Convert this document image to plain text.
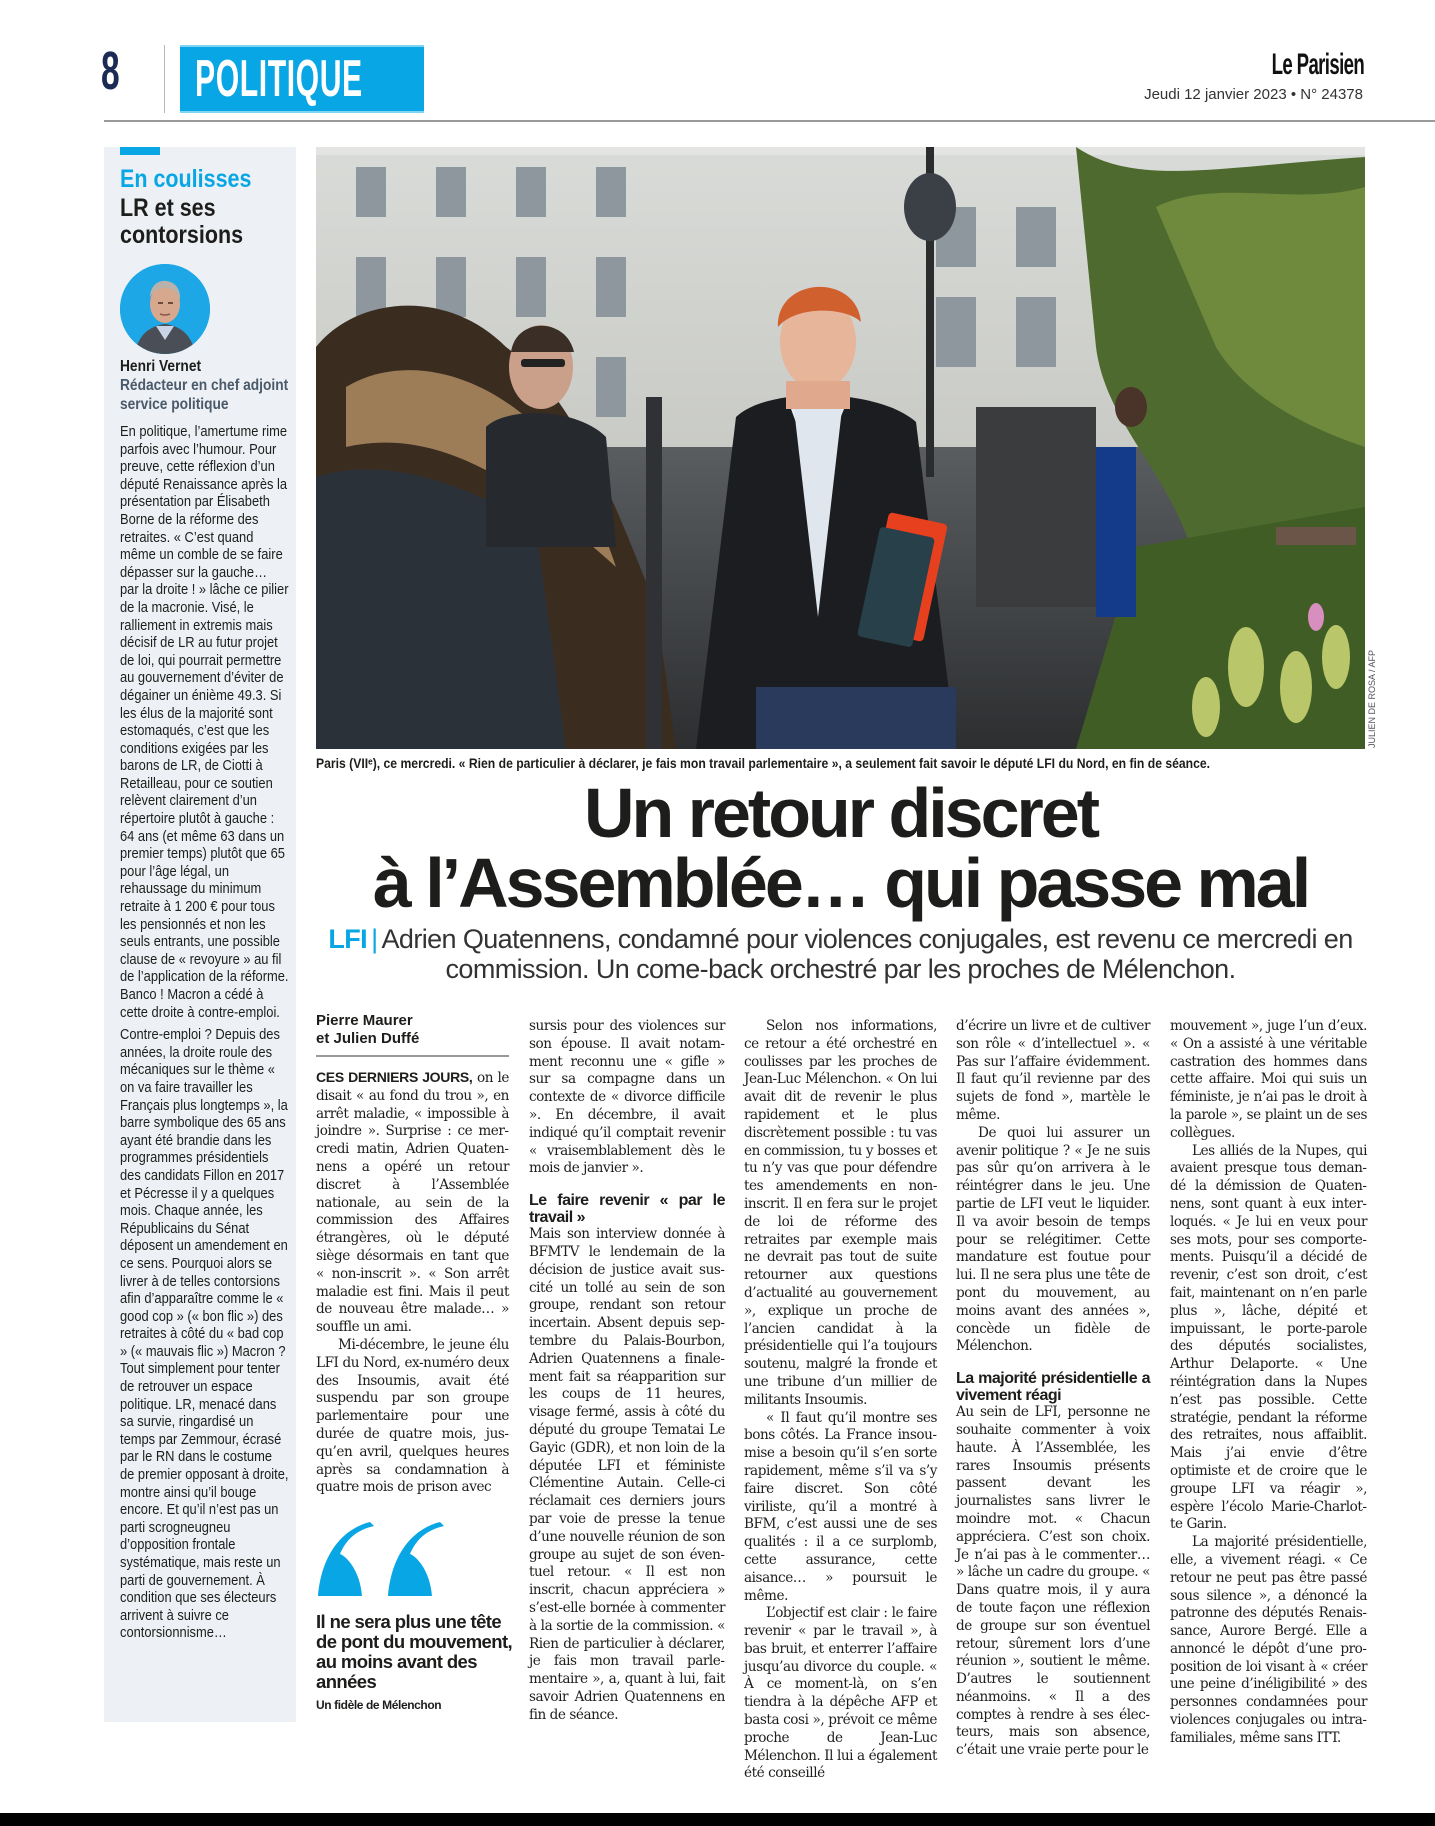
8 POLITIQUE	Le Parisien
Jeudi 12 janvier 2023 • N° 24378
En coulisses
LR et ses contorsions
Henri Vernet
Rédacteur en chef adjoint service politique

En politique, l’amertume rime parfois avec l’humour. Pour preuve, cette réflexion d’un député Renaissance après la présentation par Élisabeth Borne de la réforme des retraites. « C’est quand même un comble de se faire dépasser sur la gauche… par la droite ! » lâche ce pilier de la macronie. Visé, le ralliement in extremis mais décisif de LR au futur projet de loi, qui pourrait permettre au gouvernement d’éviter de dégainer un énième 49.3. Si les élus de la majorité sont estomaqués, c’est que les conditions exigées par les barons de LR, de Ciotti à Retailleau, pour ce soutien relèvent clairement d’un répertoire plutôt à gauche : 64 ans (et même 63 dans un premier temps) plutôt que 65 pour l’âge légal, un rehaussage du minimum retraite à 1 200 € pour tous les pensionnés et non les seuls entrants, une possible clause de « revoyure » au fil de l’application de la réforme. Banco ! Macron a cédé à cette droite à contre-emploi.

Contre-emploi ? Depuis des années, la droite roule des mécaniques sur le thème « on va faire travailler les Français plus longtemps », la barre symbolique des 65 ans ayant été brandie dans les programmes présidentiels des candidats Fillon en 2017 et Pécresse il y a quelques mois. Chaque année, les Républicains du Sénat déposent un amendement en ce sens. Pourquoi alors se livrer à de telles contorsions afin d’apparaître comme le « good cop » (« bon flic ») des retraites à côté du « bad cop » (« mauvais flic ») Macron ? Tout simplement pour tenter de retrouver un espace politique. LR, menacé dans sa survie, ringardisé un temps par Zemmour, écrasé par le RN dans le costume de premier opposant à droite, montre ainsi qu’il bouge encore. Et qu’il n’est pas un parti scrogneugneu d’opposition frontale systématique, mais reste un parti de gouvernement. À condition que ses électeurs arrivent à suivre ce contorsionnisme…

JULIEN DE ROSA / AFP
Paris (VIIᵉ), ce mercredi. « Rien de particulier à déclarer, je fais mon travail parlementaire », a seulement fait savoir le député LFI du Nord, en fin de séance.
Un retour discret
à l’Assemblée… qui passe mal
LFI | Adrien Quatennens, condamné pour violences conjugales, est revenu ce mercredi en commission. Un come-back orchestré par les proches de Mélenchon.
Pierre Maurer
et Julien Duffé

CES DERNIERS JOURS, on le disait « au fond du trou », en arrêt maladie, « impossible à joindre ». Surprise : ce mercredi matin, Adrien Quatennens a opéré un retour discret à l’Assemblée nationale, au sein de la commission des Affaires étrangères, où le député siège désormais en tant que « non-inscrit ». « Son arrêt maladie est fini. Mais il peut de nouveau être malade… » souffle un ami.

Mi-décembre, le jeune élu LFI du Nord, ex-numéro deux des Insoumis, avait été suspendu par son groupe parlementaire pour une durée de quatre mois, jusqu’en avril, quelques heures après sa condamnation à quatre mois de prison avec

Il ne sera plus une tête de pont du mouvement, au moins avant des années
Un fidèle de Mélenchon

sursis pour des violences sur son épouse. Il avait notamment reconnu une « gifle » sur sa compagne dans un contexte de « divorce difficile ». En décembre, il avait indiqué qu’il comptait revenir « vraisemblablement dès le mois de janvier ».

Le faire revenir « par le travail »

Mais son interview donnée à BFMTV le lendemain de la décision de justice avait suscité un tollé au sein de son groupe, rendant son retour incertain. Absent depuis septembre du Palais-Bourbon, Adrien Quatennens a finalement fait sa réapparition sur les coups de 11 heures, visage fermé, assis à côté du député du groupe Tematai Le Gayic (GDR), et non loin de la députée LFI et féministe Clémentine Autain. Celle-ci réclamait ces derniers jours par voie de presse la tenue d’une nouvelle réunion de son groupe au sujet de son éventuel retour. « Il est non inscrit, chacun appréciera » s’est-elle bornée à commenter à la sortie de la commission. « Rien de particulier à déclarer, je fais mon travail parlementaire », a, quant à lui, fait savoir Adrien Quatennens en fin de séance.

Selon nos informations, ce retour a été orchestré en coulisses par les proches de Jean-Luc Mélenchon. « On lui avait dit de revenir le plus rapidement et le plus discrètement possible : tu vas en commission, tu y bosses et tu n’y vas que pour défendre tes amendements en non-inscrit. Il en fera sur le projet de loi de réforme des retraites par exemple mais ne devrait pas tout de suite retourner aux questions d’actualité au gouvernement », explique un proche de l’ancien candidat à la présidentielle qui l’a toujours soutenu, malgré la fronde et une tribune d’un millier de militants Insoumis.

« Il faut qu’il montre ses bons côtés. La France insoumise a besoin qu’il s’en sorte rapidement, même s’il va s’y faire discret. Son côté viriliste, qu’il a montré à BFM, c’est aussi une de ses qualités : il a ce surplomb, cette assurance, cette aisance… » poursuit le même.

L’objectif est clair : le faire revenir « par le travail », à bas bruit, et enterrer l’affaire jusqu’au divorce du couple. « À ce moment-là, on s’en tiendra à la dépêche AFP et basta cosi », prévoit ce même proche de Jean-Luc Mélenchon. Il lui a également été conseillé

d’écrire un livre et de cultiver son rôle « d’intellectuel ». « Pas sur l’affaire évidemment. Il faut qu’il revienne par des sujets de fond », martèle le même.

De quoi lui assurer un avenir politique ? « Je ne suis pas sûr qu’on arrivera à le réintégrer dans le jeu. Une partie de LFI veut le liquider. Il va avoir besoin de temps pour se relégitimer. Cette mandature est foutue pour lui. Il ne sera plus une tête de pont du mouvement, au moins avant des années », concède un fidèle de Mélenchon.

La majorité présidentielle a vivement réagi

Au sein de LFI, personne ne souhaite commenter à voix haute. À l’Assemblée, les rares Insoumis présents passent devant les journalistes sans livrer le moindre mot. « Chacun appréciera. C’est son choix. Je n’ai pas à le commenter… » lâche un cadre du groupe. « Dans quatre mois, il y aura de toute façon une réflexion de groupe sur son éventuel retour, sûrement lors d’une réunion », soutient le même. D’autres le soutiennent néanmoins. « Il a des comptes à rendre à ses électeurs, mais son absence, c’était une vraie perte pour le

mouvement », juge l’un d’eux. « On a assisté à une véritable castration des hommes dans cette affaire. Moi qui suis un féministe, je n’ai pas le droit à la parole », se plaint un de ses collègues.

Les alliés de la Nupes, qui avaient presque tous demandé la démission de Quatennens, sont quant à eux interloqués. « Je lui en veux pour ses mots, pour ses comportements. Puisqu’il a décidé de revenir, c’est son droit, c’est fait, maintenant on n’en parle plus », lâche, dépité et impuissant, le porte-parole des députés socialistes, Arthur Delaporte. « Une réintégration dans la Nupes n’est pas possible. Cette stratégie, pendant la réforme des retraites, nous affaiblit. Mais j’ai envie d’être optimiste et de croire que le groupe LFI va réagir », espère l’écolo Marie-Charlotte Garin.

La majorité présidentielle, elle, a vivement réagi. « Ce retour ne peut pas être passé sous silence », a dénoncé la patronne des députés Renaissance, Aurore Bergé. Elle a annoncé le dépôt d’une proposition de loi visant à « créer une peine d’inéligibilité » des personnes condamnées pour violences conjugales ou intrafamiliales, même sans ITT.
